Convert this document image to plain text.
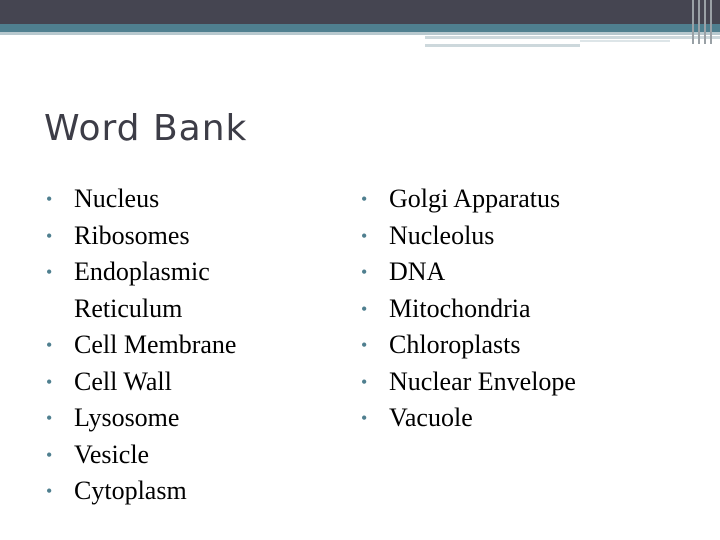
Word Bank
• Nucleus
• Ribosomes
• Endoplasmic Reticulum
• Cell Membrane
• Cell Wall
• Lysosome
• Vesicle
• Cytoplasm
• Golgi Apparatus
• Nucleolus
• DNA
• Mitochondria
• Chloroplasts
• Nuclear Envelope
• Vacuole
